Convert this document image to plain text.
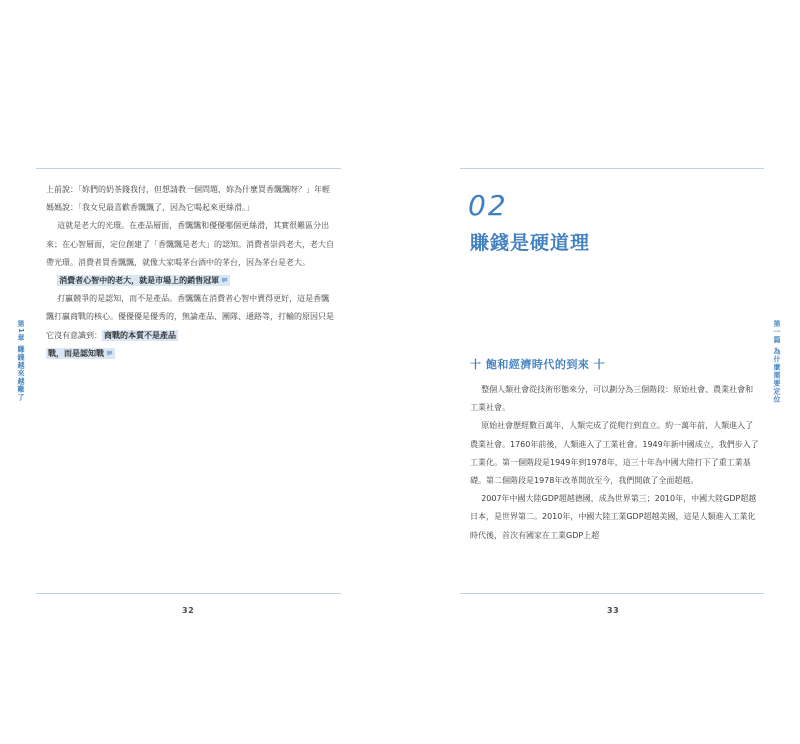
第1章 賺錢越來越難了

上前說：「妳們的奶茶錢我付，但想請教一個問題，妳為什麼買香飄飄呀？」年輕媽媽說：「我女兒最喜歡香飄飄了，因為它喝起來更絲滑。」

這就是老大的光環。在產品層面，香飄飄和優優哪個更絲滑，其實很難區分出來；在心智層面，定位創建了「香飄飄是老大」的認知。消費者崇尚老大，老大自帶光環。消費者買香飄飄，就像大家喝茅台酒中的茅台，因為茅台是老大。

消費者心智中的老大，就是市場上的銷售冠軍

打贏競爭的是認知，而不是產品。香飄飄在消費者心智中賣得更好，這是香飄飄打贏商戰的核心。優優優是優秀的，無論產品、團隊、通路等，打輸的原因只是它沒有意識到： 商戰的本質不是產品

戰，而是認知戰

32
第一篇 為什麼需要定位
02
賺錢是硬道理
十 飽和經濟時代的到來 十

整個人類社會從技術形態來分，可以劃分為三個階段：原始社會、農業社會和工業社會。

原始社會歷經數百萬年，人類完成了從爬行到直立。約一萬年前，人類進入了農業社會。1760年前後，人類進入了工業社會。1949年新中國成立，我們步入了工業化。第一個階段是1949年到1978年，這三十年為中國大陸打下了重工業基礎。第二個階段是1978年改革開放至今，我們開啟了全面超越。

2007年中國大陸GDP超越德國，成為世界第三；2010年，中國大陸GDP超越日本，是世界第二。2010年，中國大陸工業GDP超越美國，這是人類進入工業化時代後，首次有國家在工業GDP上超

33
